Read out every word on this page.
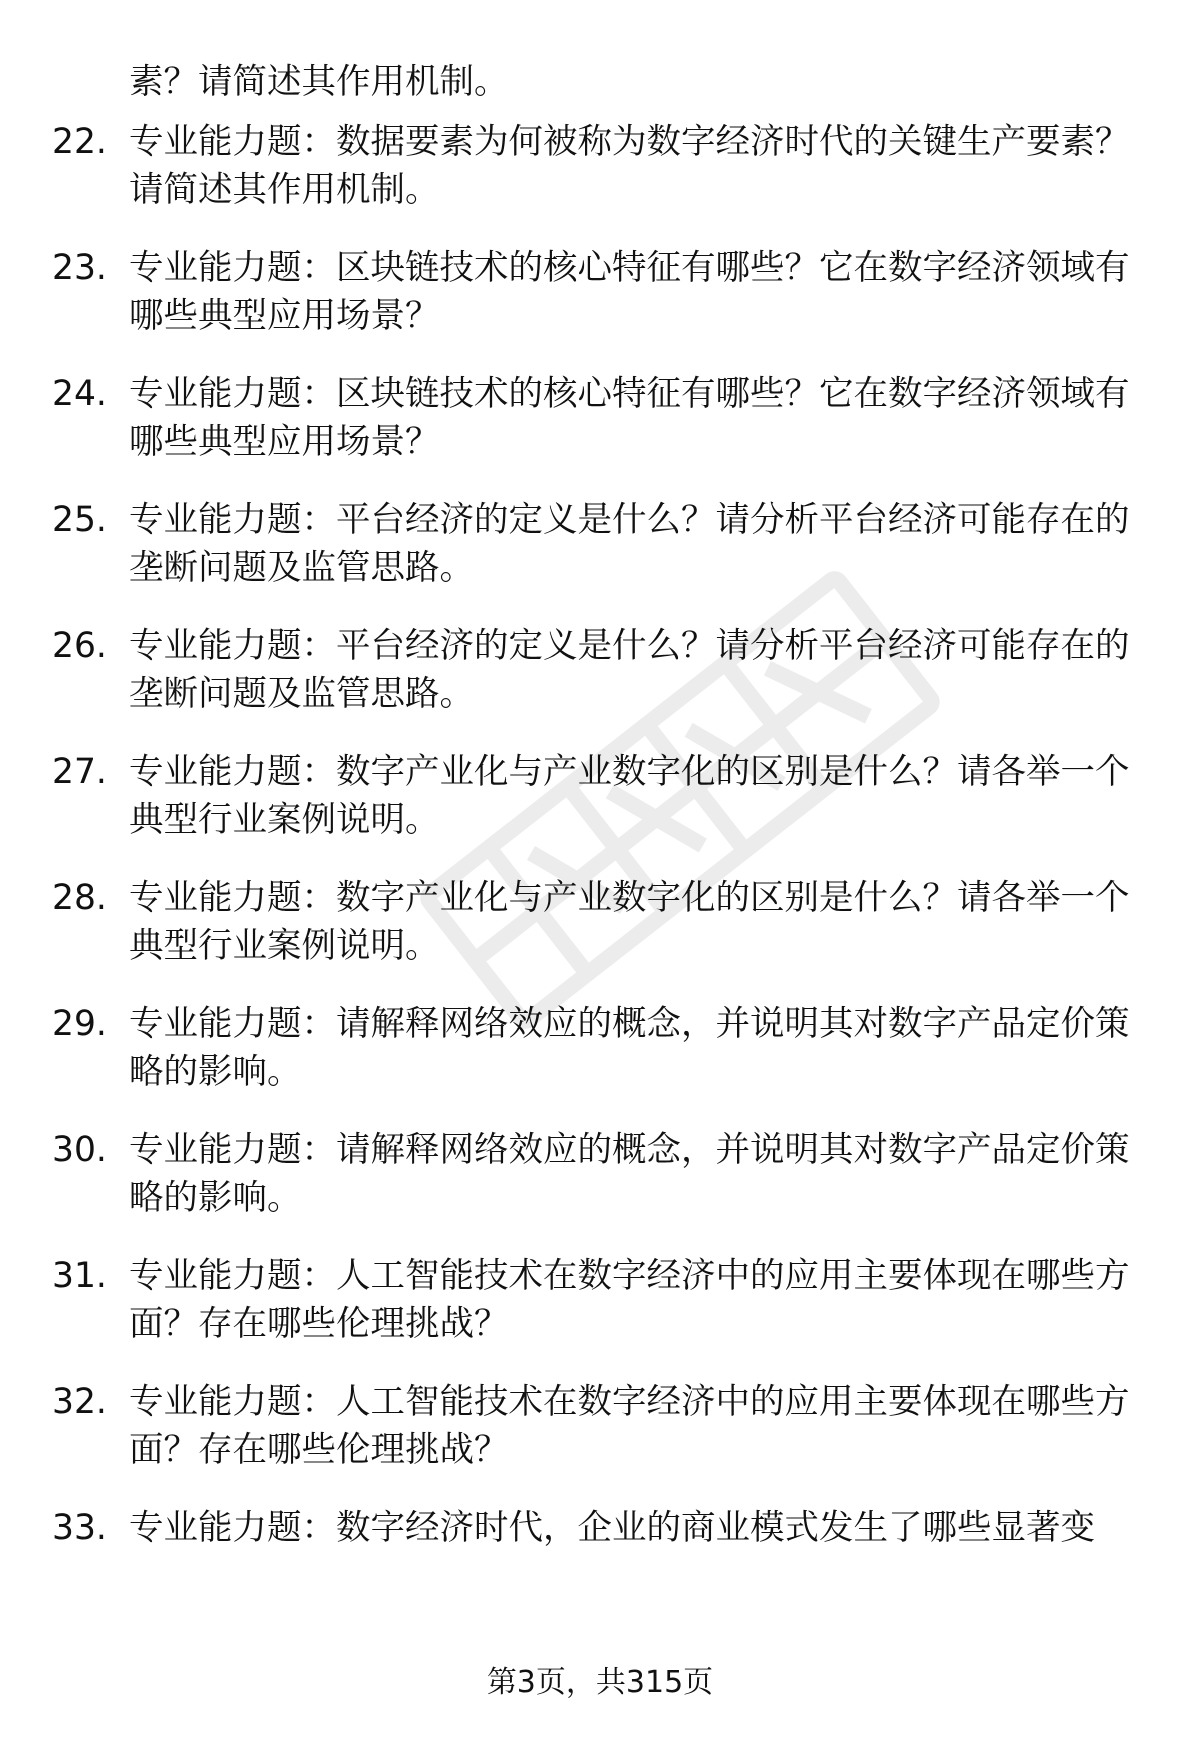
素？请简述其作用机制。
22. 专业能力题：数据要素为何被称为数字经济时代的关键生产要素？请简述其作用机制。
23. 专业能力题：区块链技术的核心特征有哪些？它在数字经济领域有哪些典型应用场景？
24. 专业能力题：区块链技术的核心特征有哪些？它在数字经济领域有哪些典型应用场景？
25. 专业能力题：平台经济的定义是什么？请分析平台经济可能存在的垄断问题及监管思路。
26. 专业能力题：平台经济的定义是什么？请分析平台经济可能存在的垄断问题及监管思路。
27. 专业能力题：数字产业化与产业数字化的区别是什么？请各举一个典型行业案例说明。
28. 专业能力题：数字产业化与产业数字化的区别是什么？请各举一个典型行业案例说明。
29. 专业能力题：请解释网络效应的概念，并说明其对数字产品定价策略的影响。
30. 专业能力题：请解释网络效应的概念，并说明其对数字产品定价策略的影响。
31. 专业能力题：人工智能技术在数字经济中的应用主要体现在哪些方面？存在哪些伦理挑战？
32. 专业能力题：人工智能技术在数字经济中的应用主要体现在哪些方面？存在哪些伦理挑战？
33. 专业能力题：数字经济时代，企业的商业模式发生了哪些显著变
第3页，共315页
